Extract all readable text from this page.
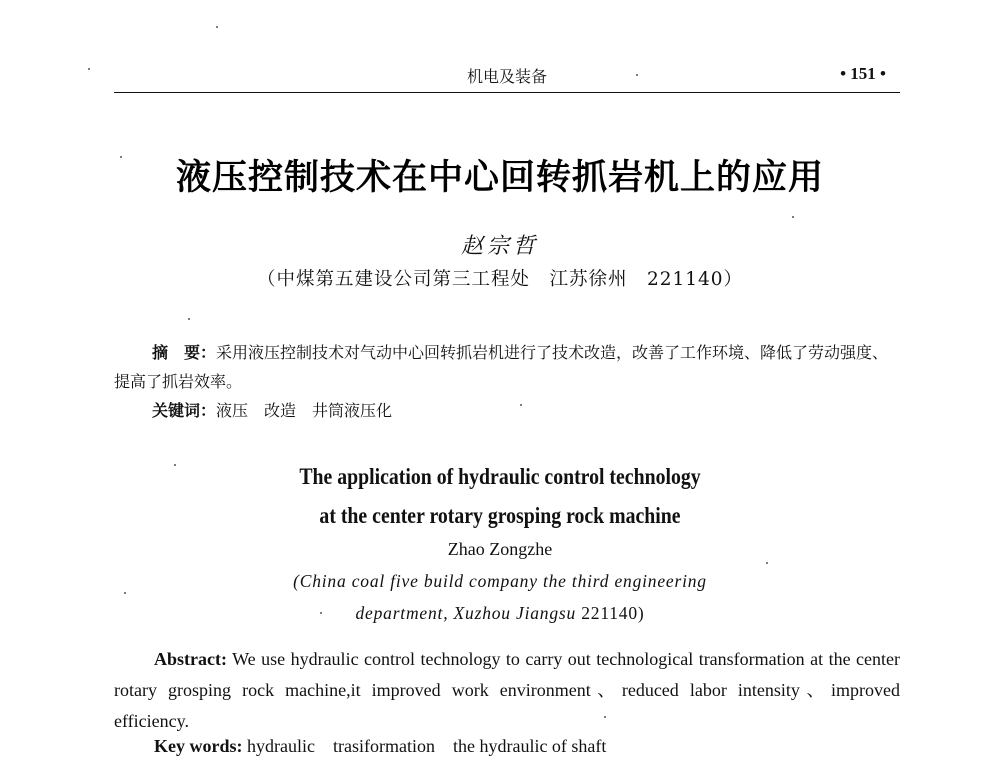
机电及装备	• 151 •
液压控制技术在中心回转抓岩机上的应用
赵宗哲
（中煤第五建设公司第三工程处　江苏徐州　221140）

摘　要：采用液压控制技术对气动中心回转抓岩机进行了技术改造，改善了工作环境、降低了劳动强度、提高了抓岩效率。

关键词：液压 改造 井筒液压化
The application of hydraulic control technology
at the center rotary grosping rock machine
Zhao Zongzhe
(China coal five build company the third engineering
department, Xuzhou Jiangsu 221140)

Abstract: We use hydraulic control technology to carry out technological transformation at the center rotary grosping rock machine,it improved work environment、reduced labor intensity、improved efficiency.

Key words: hydraulic trasiformation the hydraulic of shaft
